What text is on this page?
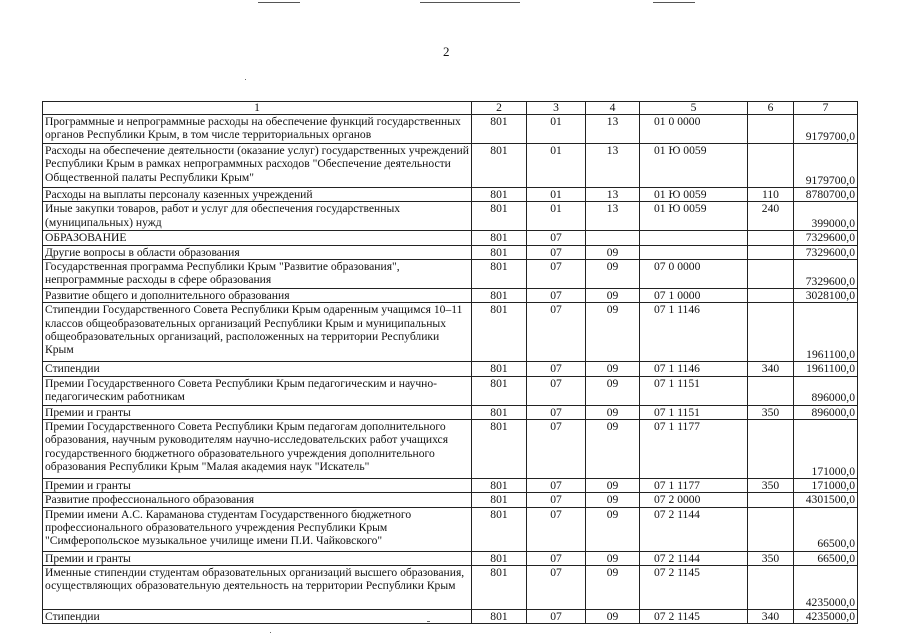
2
1	2	3	4	5	6	7
Программные и непрограммные расходы на обеспечение функций государственных органов Республики Крым, в том числе территориальных органов	801	01	13	01 0 0000		9179700,0
Расходы на обеспечение деятельности (оказание услуг) государственных учреждений Республики Крым в рамках непрограммных расходов "Обеспечение деятельности Общественной палаты Республики Крым"	801	01	13	01 Ю 0059		9179700,0
Расходы на выплаты персоналу казенных учреждений	801	01	13	01 Ю 0059	110	8780700,0
Иные закупки товаров, работ и услуг для обеспечения государственных (муниципальных) нужд	801	01	13	01 Ю 0059	240	399000,0
ОБРАЗОВАНИЕ	801	07				7329600,0
Другие вопросы в области образования	801	07	09			7329600,0
Государственная программа Республики Крым "Развитие образования", непрограммные расходы в сфере образования	801	07	09	07 0 0000		7329600,0
Развитие общего и дополнительного образования	801	07	09	07 1 0000		3028100,0
Стипендии Государственного Совета Республики Крым одаренным учащимся 10–11 классов общеобразовательных организаций Республики Крым и муниципальных общеобразовательных организаций, расположенных на территории Республики Крым	801	07	09	07 1 1146		1961100,0
Стипендии	801	07	09	07 1 1146	340	1961100,0
Премии Государственного Совета Республики Крым педагогическим и научно-педагогическим работникам	801	07	09	07 1 1151		896000,0
Премии и гранты	801	07	09	07 1 1151	350	896000,0
Премии Государственного Совета Республики Крым педагогам дополнительного образования, научным руководителям научно-исследовательских работ учащихся государственного бюджетного образовательного учреждения дополнительного образования Республики Крым "Малая академия наук "Искатель"	801	07	09	07 1 1177		171000,0
Премии и гранты	801	07	09	07 1 1177	350	171000,0
Развитие профессионального образования	801	07	09	07 2 0000		4301500,0
Премии имени А.С. Караманова студентам Государственного бюджетного профессионального образовательного учреждения Республики Крым "Симферопольское музыкальное училище имени П.И. Чайковского"	801	07	09	07 2 1144		66500,0
Премии и гранты	801	07	09	07 2 1144	350	66500,0
Именные стипендии студентам образовательных организаций высшего образования, осуществляющих образовательную деятельность на территории Республики Крым	801	07	09	07 2 1145		4235000,0
Стипендии	801	07	09	07 2 1145	340	4235000,0
